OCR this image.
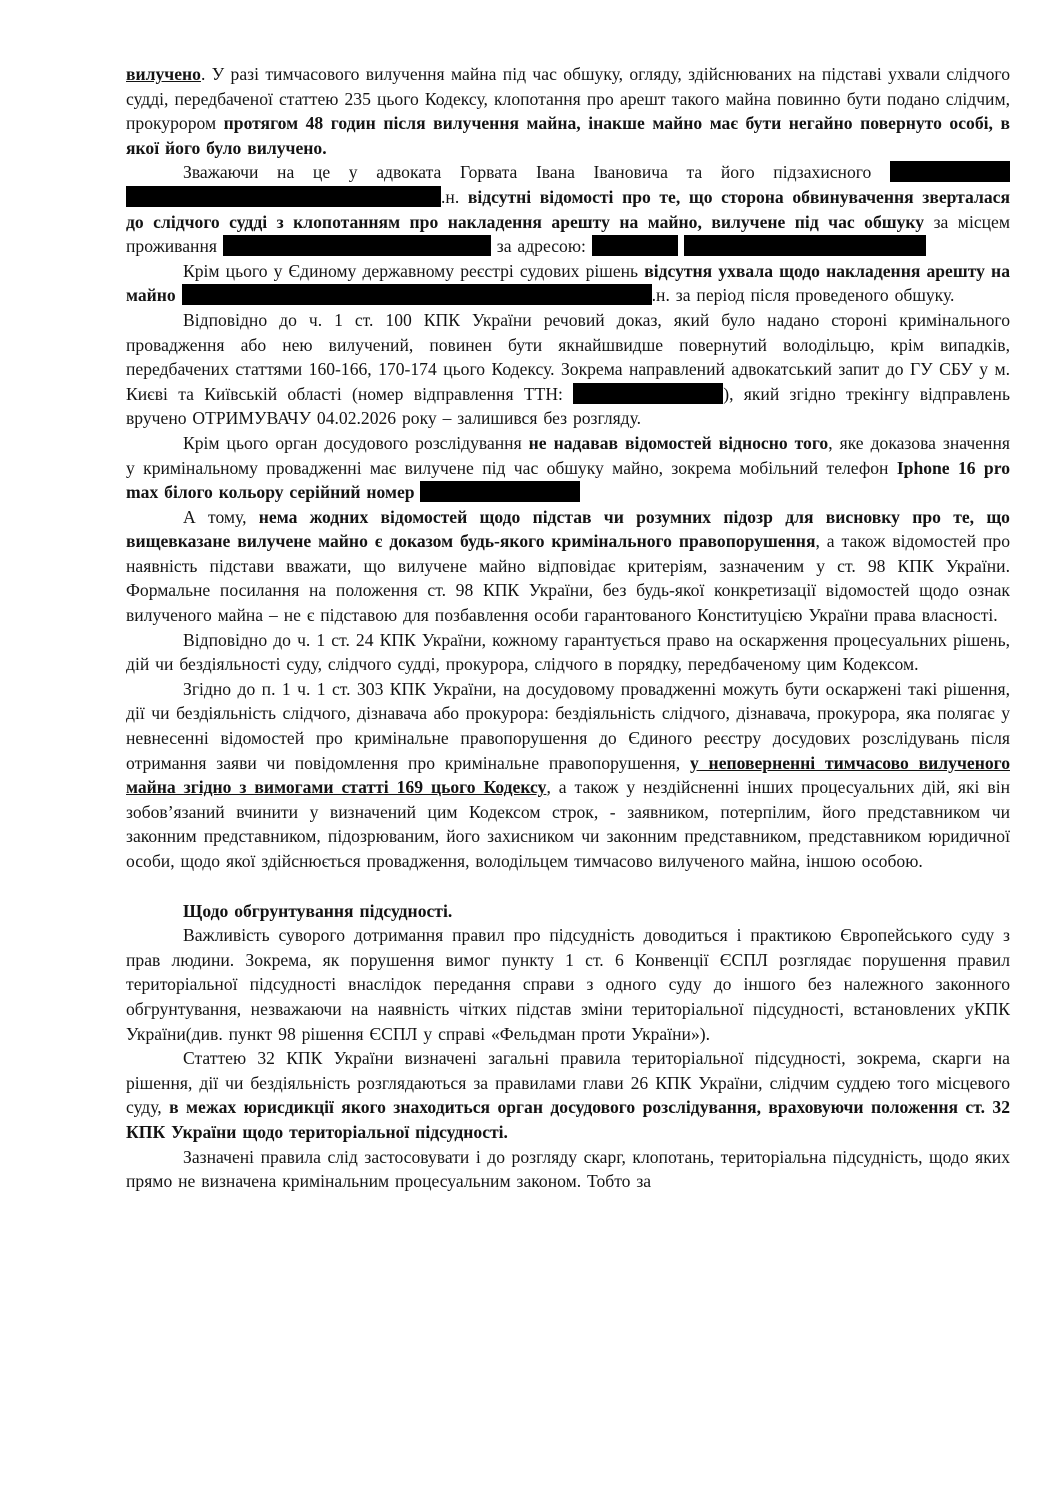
вилучено. У разі тимчасового вилучення майна під час обшуку, огляду, здійснюваних на підставі ухвали слідчого судді, передбаченої статтею 235 цього Кодексу, клопотання про арешт такого майна повинно бути подано слідчим, прокурором протягом 48 годин після вилучення майна, інакше майно має бути негайно повернуто особі, в якої його було вилучено.

Зважаючи на це у адвоката Горвата Івана Івановича та його підзахисного  .н. відсутні відомості про те, що сторона обвинувачення зверталася до слідчого судді з клопотанням про накладення арешту на майно, вилучене під час обшуку за місцем проживання	за адресою:

Крім цього у Єдиному державному реєстрі судових рішень відсутня ухвала щодо накладення арешту на майно	.н. за період після проведеного обшуку.

Відповідно до ч. 1 ст. 100 КПК України речовий доказ, який було надано стороні кримінального провадження або нею вилучений, повинен бути якнайшвидше повернутий володільцю, крім випадків, передбачених статтями 160-166, 170-174 цього Кодексу. Зокрема направлений адвокатський запит до ГУ СБУ у м. Києві та Київській області (номер відправлення ТТН:	), який згідно трекінгу відправлень вручено ОТРИМУВАЧУ 04.02.2026 року – залишився без розгляду.

Крім цього орган досудового розслідування не надавав відомостей відносно того, яке доказова значення у кримінальному провадженні має вилучене під час обшуку майно, зокрема мобільний телефон Iphone 16 pro max білого кольору серійний номер

А тому, нема жодних відомостей щодо підстав чи розумних підозр для висновку про те, що вищевказане вилучене майно є доказом будь-якого кримінального правопорушення, а також відомостей про наявність підстави вважати, що вилучене майно відповідає критеріям, зазначеним у ст. 98 КПК України. Формальне посилання на положення ст. 98 КПК України, без будь-якої конкретизації відомостей щодо ознак вилученого майна – не є підставою для позбавлення особи гарантованого Конституцією України права власності.

Відповідно до ч. 1 ст. 24 КПК України, кожному гарантується право на оскарження процесуальних рішень, дій чи бездіяльності суду, слідчого судді, прокурора, слідчого в порядку, передбаченому цим Кодексом.

Згідно до п. 1 ч. 1 ст. 303 КПК України, на досудовому провадженні можуть бути оскаржені такі рішення, дії чи бездіяльність слідчого, дізнавача або прокурора: бездіяльність слідчого, дізнавача, прокурора, яка полягає у невнесенні відомостей про кримінальне правопорушення до Єдиного реєстру досудових розслідувань після отримання заяви чи повідомлення про кримінальне правопорушення, у неповерненні тимчасово вилученого майна згідно з вимогами статті 169 цього Кодексу, а також у нездійсненні інших процесуальних дій, які він зобов’язаний вчинити у визначений цим Кодексом строк, - заявником, потерпілим, його представником чи законним представником, підозрюваним, його захисником чи законним представником, представником юридичної особи, щодо якої здійснюється провадження, володільцем тимчасово вилученого майна, іншою особою.

Щодо обгрунтування підсудності.

Важливість суворого дотримання правил про підсудність доводиться і практикою Європейського суду з прав людини. Зокрема, як порушення вимог пункту 1 ст. 6 Конвенції ЄСПЛ розглядає порушення правил територіальної підсудності внаслідок передання справи з одного суду до іншого без належного законного обгрунтування, незважаючи на наявність чітких підстав зміни територіальної підсудності, встановлених уКПК України(див. пункт 98 рішення ЄСПЛ у справі «Фельдман проти України»).

Статтею 32 КПК України визначені загальні правила територіальної підсудності, зокрема, скарги на рішення, дії чи бездіяльність розглядаються за правилами глави 26 КПК України, слідчим суддею того місцевого суду, в межах юрисдикції якого знаходиться орган досудового розслідування, враховуючи положення ст. 32 КПК України щодо територіальної підсудності.

Зазначені правила слід застосовувати і до розгляду скарг, клопотань, територіальна підсудність, щодо яких прямо не визначена кримінальним процесуальним законом. Тобто за
